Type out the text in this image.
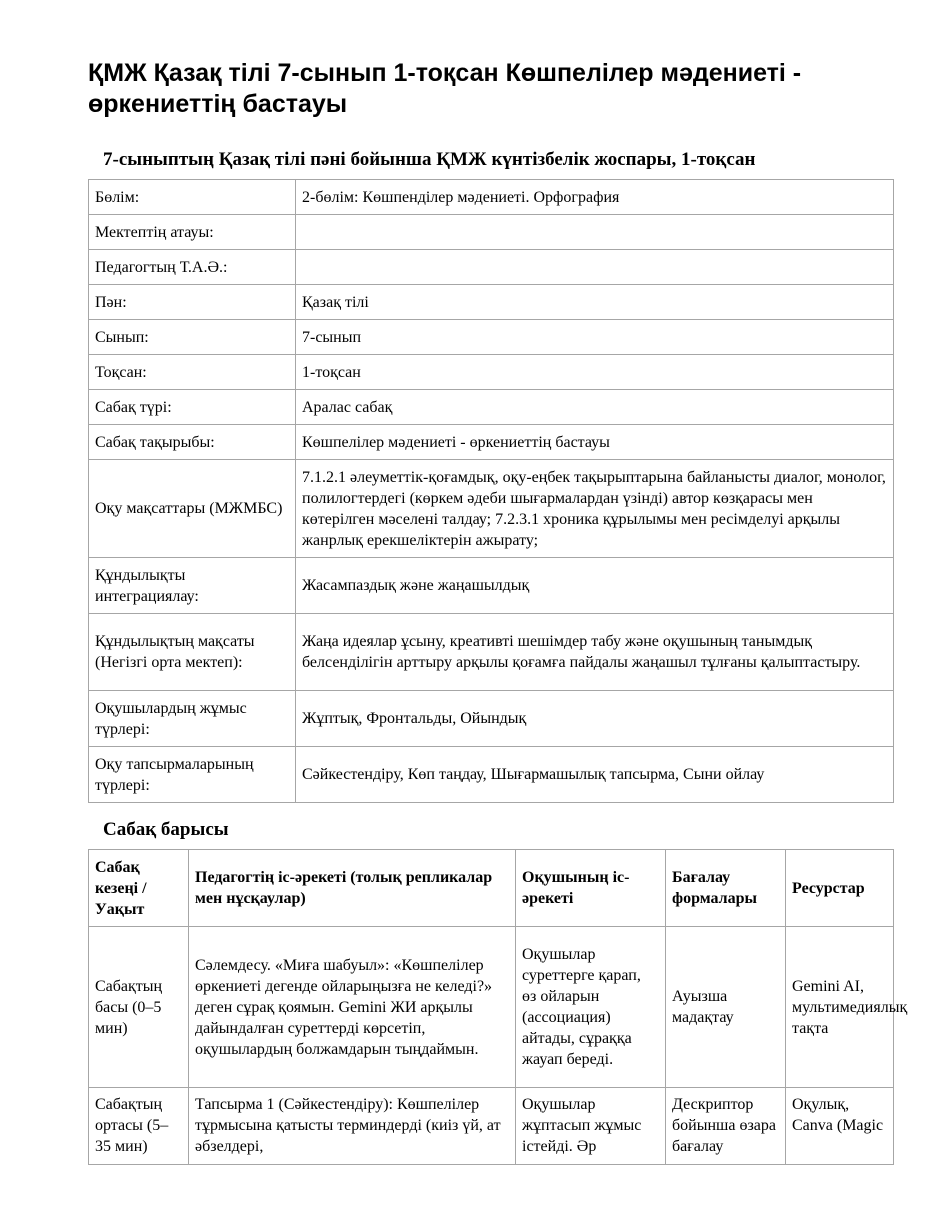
ҚМЖ Қазақ тілі 7-сынып 1-тоқсан Көшпелілер мәдениеті - өркениеттің бастауы
7-сыныптың Қазақ тілі пәні бойынша ҚМЖ күнтізбелік жоспары, 1-тоқсан
Бөлім:	2-бөлім: Көшпенділер мәдениеті. Орфография
Мектептің атауы:	
Педагогтың Т.А.Ә.:	
Пән:	Қазақ тілі
Сынып:	7-сынып
Тоқсан:	1-тоқсан
Сабақ түрі:	Аралас сабақ
Сабақ тақырыбы:	Көшпелілер мәдениеті - өркениеттің бастауы
Оқу мақсаттары (МЖМБС)	7.1.2.1 әлеуметтік-қоғамдық, оқу-еңбек тақырыптарына байланысты диалог, монолог, полилогтердегі (көркем әдеби шығармалардан үзінді) автор көзқарасы мен көтерілген мәселені талдау; 7.2.3.1 хроника құрылымы мен ресімделуі арқылы жанрлық ерекшеліктерін ажырату;
Құндылықты интеграциялау:	Жасампаздық және жаңашылдық
Құндылықтың мақсаты (Негізгі орта мектеп):	Жаңа идеялар ұсыну, креативті шешімдер табу және оқушының танымдық белсенділігін арттыру арқылы қоғамға пайдалы жаңашыл тұлғаны қалыптастыру.
Оқушылардың жұмыс түрлері:	Жұптық, Фронтальды, Ойындық
Оқу тапсырмаларының түрлері:	Сәйкестендіру, Көп таңдау, Шығармашылық тапсырма, Сыни ойлау
Сабақ барысы
Сабақ кезеңі / Уақыт	Педагогтің іс-әрекеті (толық репликалар мен нұсқаулар)	Оқушының іс-әрекеті	Бағалау формалары	Ресурстар
Сабақтың басы (0–5 мин)	Сәлемдесу. «Миға шабуыл»: «Көшпелілер өркениеті дегенде ойларыңызға не келеді?» деген сұрақ қоямын. Gemini ЖИ арқылы дайындалған суреттерді көрсетіп, оқушылардың болжамдарын тыңдаймын.	Оқушылар суреттерге қарап, өз ойларын (ассоциация) айтады, сұраққа жауап береді.	Ауызша мадақтау	Gemini AI, мультимедиялық тақта
Сабақтың ортасы (5–35 мин)	Тапсырма 1 (Сәйкестендіру): Көшпелілер тұрмысына қатысты терминдерді (киіз үй, ат әбзелдері,	Оқушылар жұптасып жұмыс істейді. Әр	Дескриптор бойынша өзара бағалау	Оқулық, Canva (Magic
